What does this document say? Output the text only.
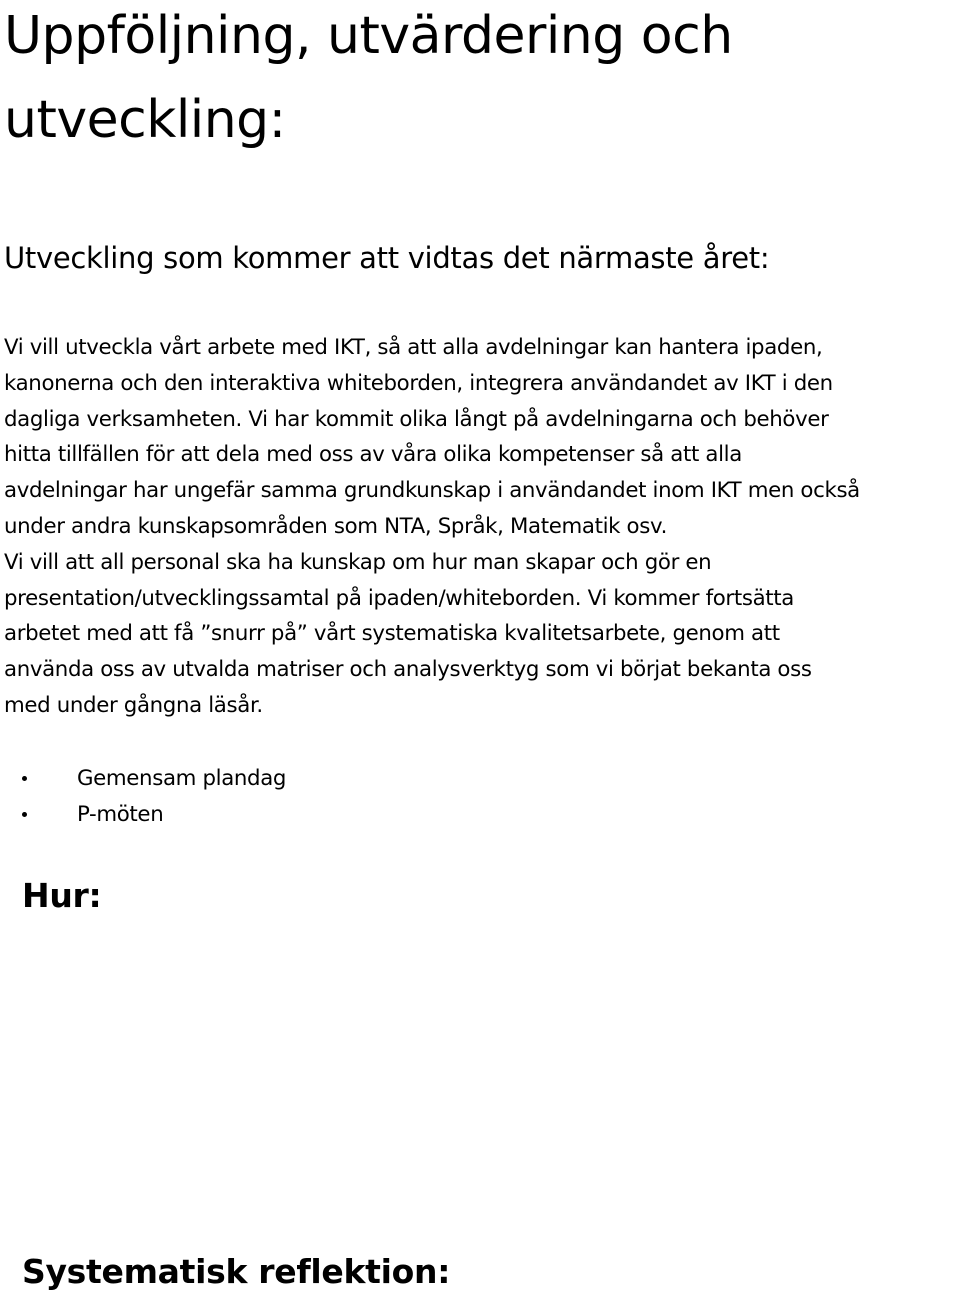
Uppföljning, utvärdering och
utveckling:
Utveckling som kommer att vidtas det närmaste året:

Vi vill utveckla vårt arbete med IKT, så att alla avdelningar kan hantera ipaden,
kanonerna och den interaktiva whiteborden, integrera användandet av IKT i den
dagliga verksamheten. Vi har kommit olika långt på avdelningarna och behöver
hitta tillfällen för att dela med oss av våra olika kompetenser så att alla
avdelningar har ungefär samma grundkunskap i användandet inom IKT men också
under andra kunskapsområden som NTA, Språk, Matematik osv.
Vi vill att all personal ska ha kunskap om hur man skapar och gör en
presentation/utvecklingssamtal på ipaden/whiteborden. Vi kommer fortsätta
arbetet med att få ”snurr på” vårt systematiska kvalitetsarbete, genom att
använda oss av utvalda matriser och analysverktyg som vi börjat bekanta oss
med under gångna läsår.

Gemensam plandag
P-möten
Hur:
Systematisk reflektion:
